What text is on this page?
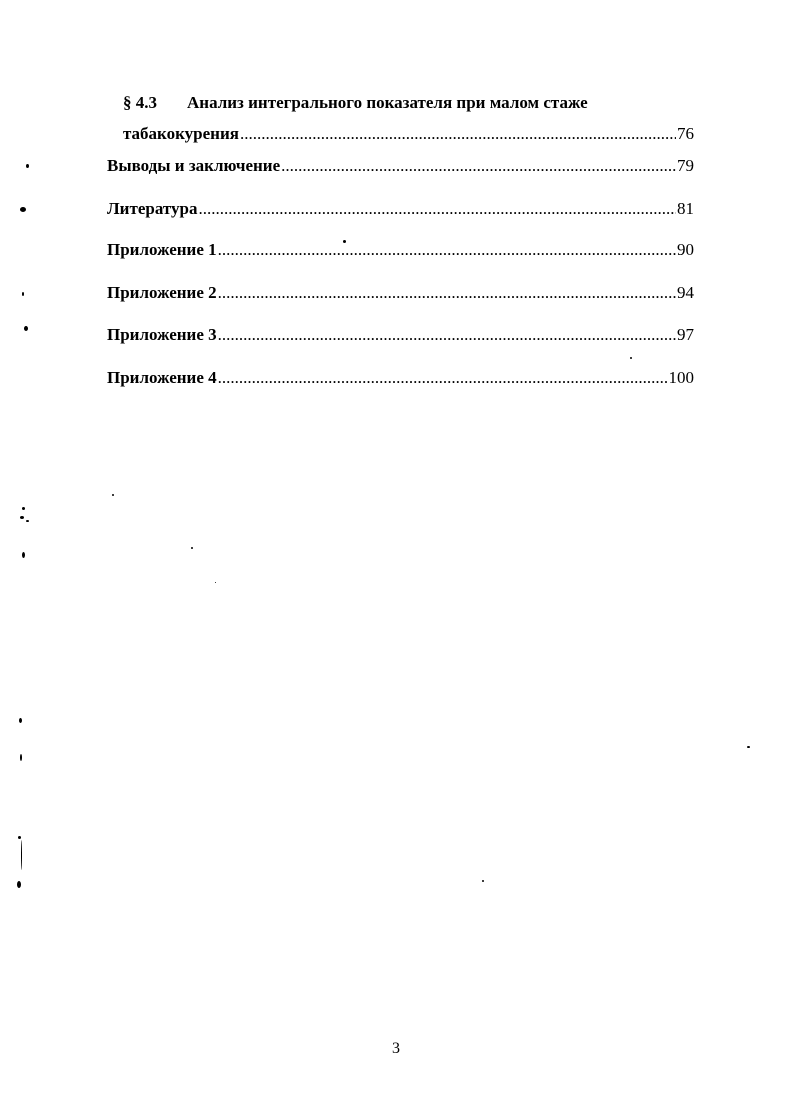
§ 4.3 Анализ интегрального показателя при малом стаже
табакокурения .....	76
Выводы и заключение .....	79
Литература .....	81
Приложение 1 .....	90
Приложение 2 .....	94
Приложение 3 .....	97
Приложение 4 .....	100
3
